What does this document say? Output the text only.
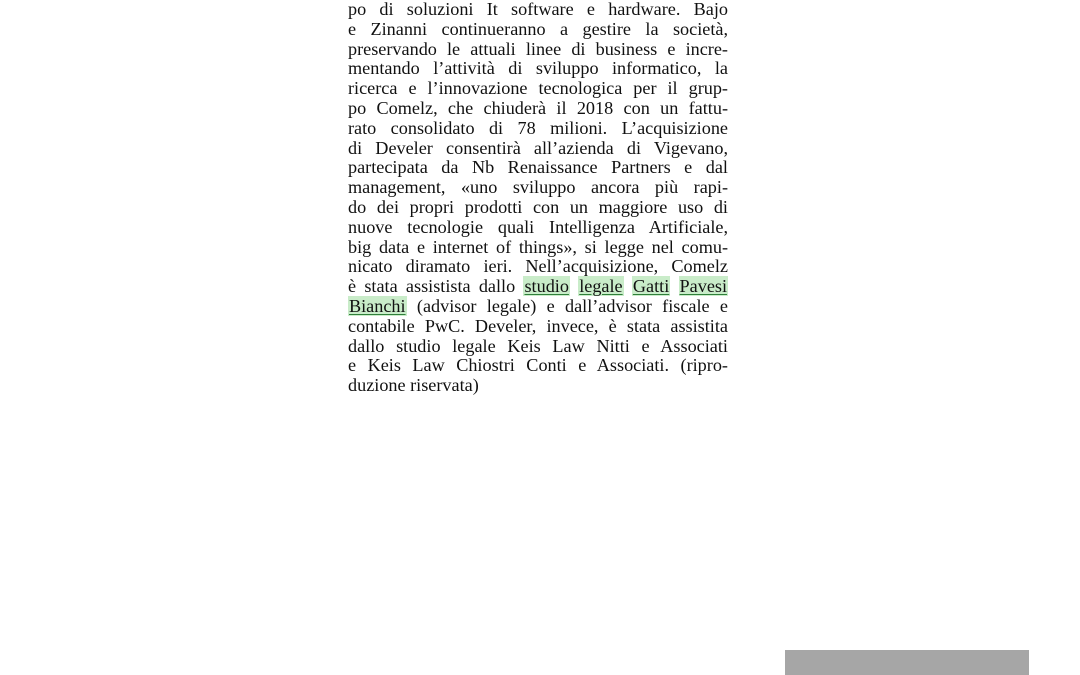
po di soluzioni It software e hardware. Bajo
e Zinanni continueranno a gestire la società,
preservando le attuali linee di business e incre-
mentando l’attività di sviluppo informatico, la
ricerca e l’innovazione tecnologica per il grup-
po Comelz, che chiuderà il 2018 con un fattu-
rato consolidato di 78 milioni. L’acquisizione
di Develer consentirà all’azienda di Vigevano,
partecipata da Nb Renaissance Partners e dal
management, «uno sviluppo ancora più rapi-
do dei propri prodotti con un maggiore uso di
nuove tecnologie quali Intelligenza Artificiale,
big data e internet of things», si legge nel comu-
nicato diramato ieri. Nell’acquisizione, Comelz
è stata assistista dallo studio legale Gatti Pavesi
Bianchi (advisor legale) e dall’advisor fiscale e
contabile PwC. Develer, invece, è stata assistita
dallo studio legale Keis Law Nitti e Associati
e Keis Law Chiostri Conti e Associati. (ripro-
duzione riservata)
